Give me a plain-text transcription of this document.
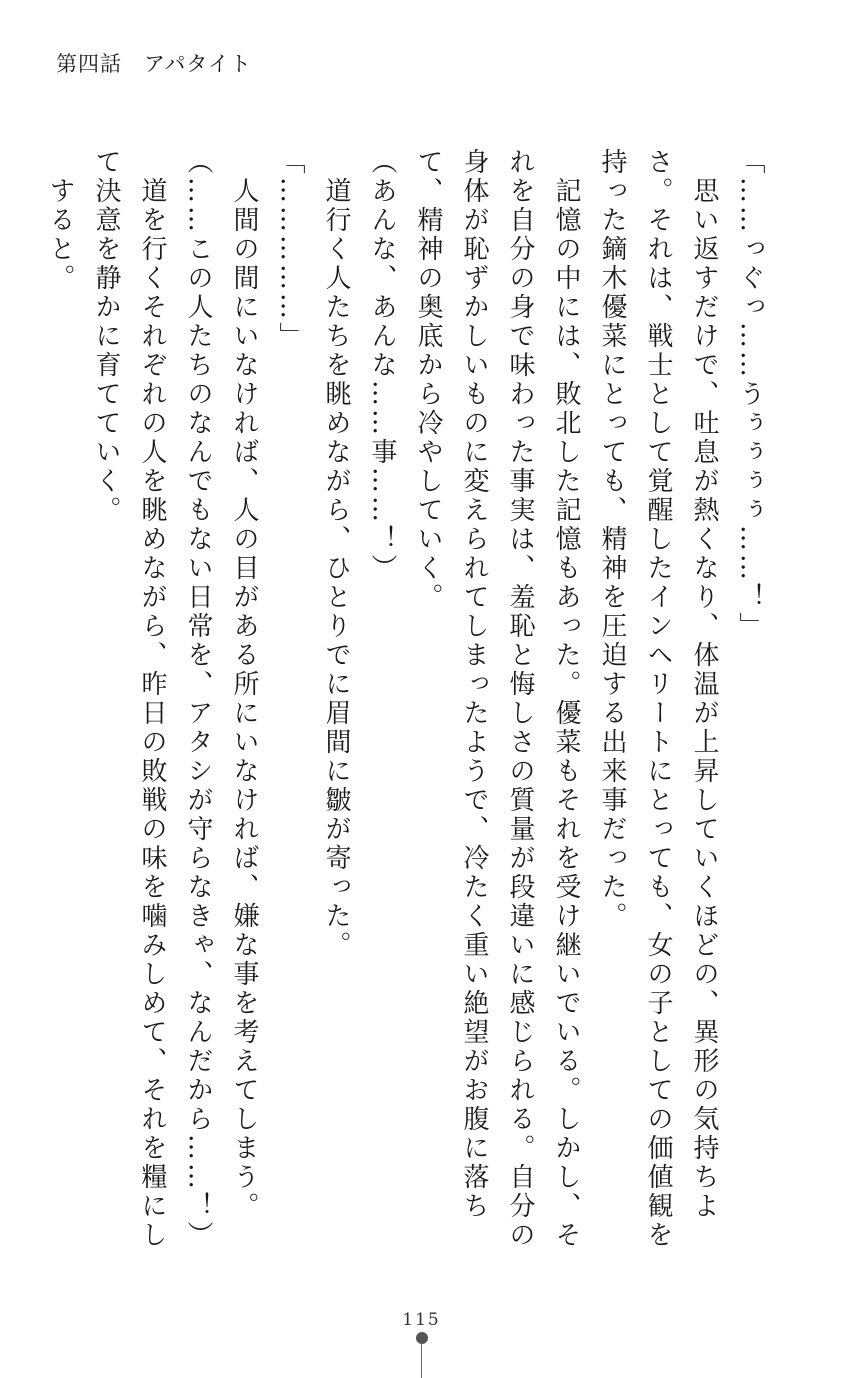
第四話　アパタイト

「……っぐっ……うぅぅぅぅ……！」

　思い返すだけで、吐息が熱くなり、体温が上昇していくほどの、異形の気持ちよさ。それは、戦士として覚醒したインヘリートにとっても、女の子としての価値観を持った鏑木優菜にとっても、精神を圧迫する出来事だった。

　記憶の中には、敗北した記憶もあった。優菜もそれを受け継いでいる。しかし、それを自分の身で味わった事実は、羞恥と悔しさの質量が段違いに感じられる。自分の身体が恥ずかしいものに変えられてしまったようで、冷たく重い絶望がお腹に落ちて、精神の奥底から冷やしていく。

（あんな、あんな……事……！）

　道行く人たちを眺めながら、ひとりでに眉間に皺が寄った。

「……………」

　人間の間にいなければ、人の目がある所にいなければ、嫌な事を考えてしまう。

（……この人たちのなんでもない日常を、アタシが守らなきゃ、なんだから……！）

　道を行くそれぞれの人を眺めながら、昨日の敗戦の味を噛みしめて、それを糧にして決意を静かに育てていく。

　すると。

115
